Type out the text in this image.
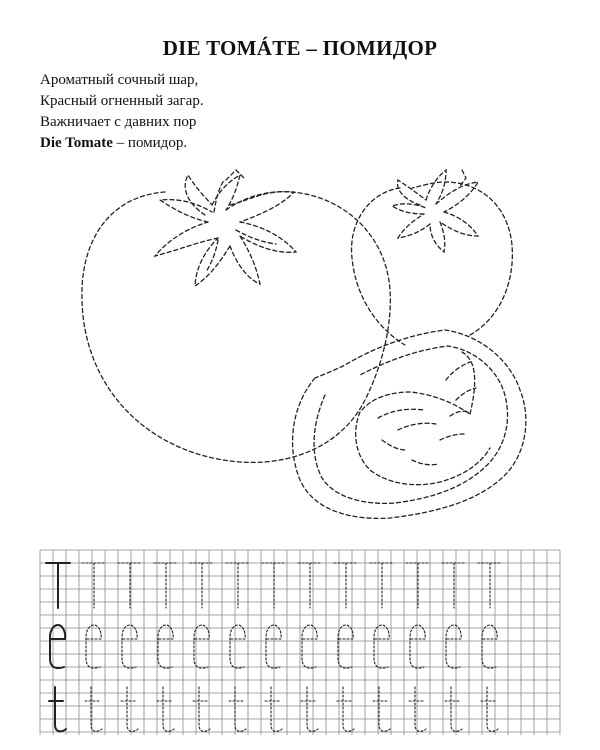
DIE TOMÁTE – ПОМИДОР
Ароматный сочный шар,
Красный огненный загар.
Важничает с давних пор
Die Tomate – помидор.
